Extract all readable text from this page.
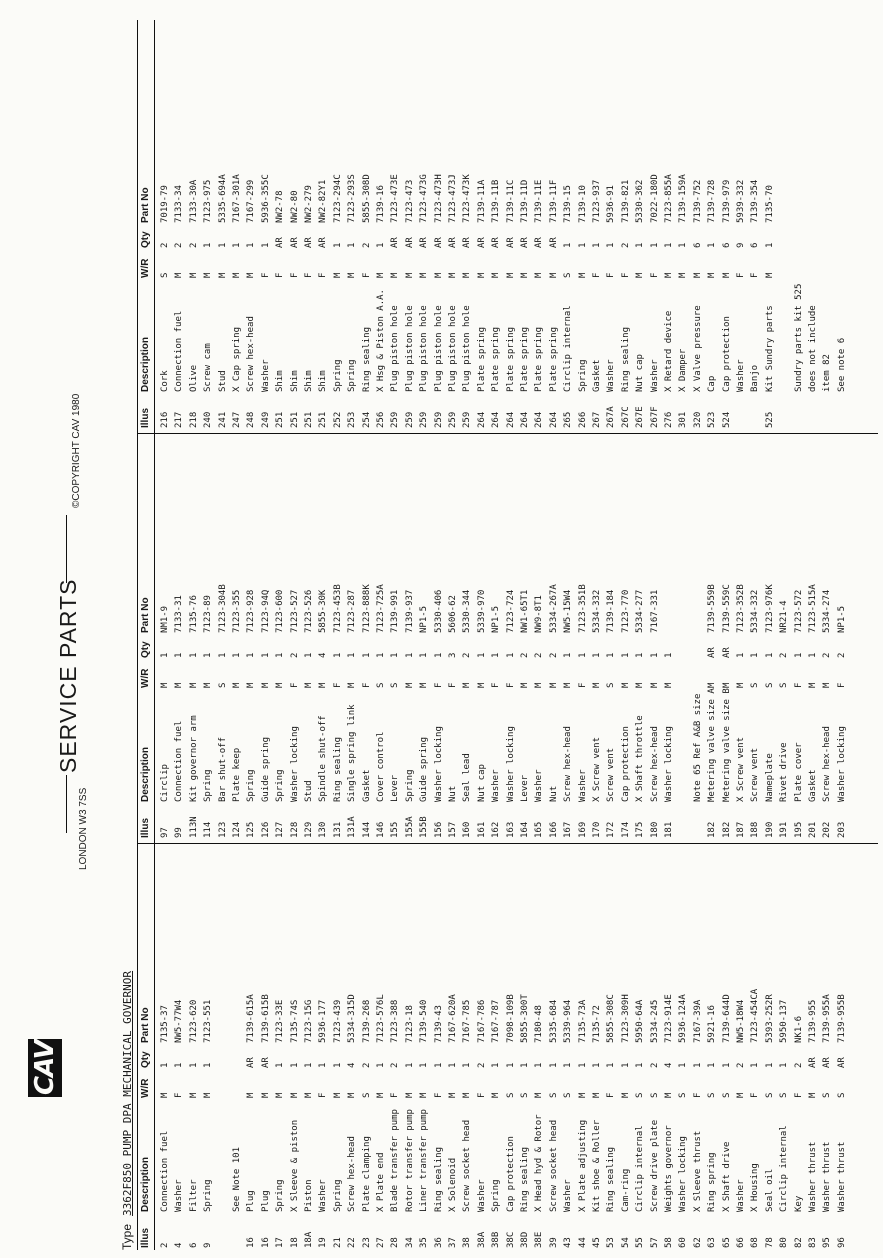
CAV
LONDON W3 7SS
SERVICE PARTS
©COPYRIGHT CAV 1980
Type3362F850 PUMP DPA MECHANICAL GOVERNOR
Illus
Description
W/R
Qty
Part No
2
Connection fuel
M
1
7135-37
4
Washer
F
1
NW5-77W4
6
Filter
M
1
7123-620
9
Spring
M
1
7123-551
See Note 101
16
Plug
M
AR
7139-615A
16
Plug
M
AR
7139-615B
17
Spring
M
1
7123-33E
18
X Sleeve & piston
M
1
7135-74S
18A
Piston
M
1
7123-15G
19
Washer
F
1
5936-177
21
Spring
M
1
7123-439
22
Screw hex-head
M
4
5334-315D
23
Plate clamping
S
2
7139-268
27
X Plate end
M
1
7123-576L
28
Blade transfer pump
F
2
7123-388
34
Rotor transfer pump
M
1
7123-18
35
Liner transfer pump
M
1
7139-540
36
Ring sealing
F
1
7139-43
37
X Solenoid
M
1
7167-620A
38
Screw socket head
M
1
7167-785
38A
Washer
F
2
7167-786
38B
Spring
M
1
7167-787
38C
Cap protection
S
1
7098-109B
38D
Ring sealing
S
1
5855-300T
38E
X Head hyd & Rotor
M
1
7180-48
39
Screw socket head
S
1
5335-684
43
Washer
S
1
5339-964
44
X Plate adjusting
M
1
7135-73A
45
Kit shoe & Roller
M
1
7135-72
53
Ring sealing
F
1
5855-308C
54
Cam-ring
M
1
7123-309H
55
Circlip internal
S
1
5950-64A
57
Screw drive plate
S
2
5334-245
58
Weights governor
M
4
7123-914E
60
Washer locking
S
1
5936-124A
62
X Sleeve thrust
F
1
7167-39A
63
Ring spring
S
1
5921-16
65
X Shaft drive
S
1
7139-644D
66
Washer
M
2
NW5-18W4
68
X Housing
F
1
7123-454CA
78
Seal oil
S
1
5393-252R
80
Circlip internal
S
1
5950-137
82
Key
F
2
NK1-6
83
Washer thrust
M
AR
7139-955
95
Washer thrust
S
AR
7139-955A
96
Washer thrust
S
AR
7139-955B
Illus
Description
W/R
Qty
Part No
97
Circlip
M
1
NM1-9
99
Connection fuel
M
1
7133-31
113N
Kit governor arm
M
1
7135-76
114
Spring
M
1
7123-89
123
Bar shut-off
S
1
7123-304B
124
Plate keep
M
1
7123-355
125
Spring
M
1
7123-928
126
Guide spring
M
1
7123-94Q
127
Spring
M
1
7123-600
128
Washer locking
F
2
7123-527
129
Stud
M
1
7123-526
130
Spindle shut-off
M
4
5855-30K
131
Ring sealing
F
1
7123-453B
131A
Single spring link
M
1
7123-287
144
Gasket
F
1
7123-888K
146
Cover control
S
1
7123-725A
155
Lever
S
1
7139-991
155A
Spring
M
1
7139-937
155B
Guide spring
M
1
NP1-5
156
Washer locking
F
1
5330-406
157
Nut
F
3
5606-62
160
Seal lead
M
2
5330-344
161
Nut cap
M
1
5339-970
162
Washer
F
1
NP1-5
163
Washer locking
F
1
7123-724
164
Lever
M
2
NW1-65T1
165
Washer
M
2
NW9-8T1
166
Nut
M
2
5334-267A
167
Screw hex-head
M
1
NW5-15W4
169
Washer
F
1
7123-351B
170
X Screw vent
M
1
5334-332
172
Screw vent
S
1
7139-184
174
Cap protection
M
1
7123-770
175
X Shaft throttle
M
1
5334-277
180
Screw hex-head
M
1
7167-331
181
Washer locking
M
1
Note 65 Ref A&B size
182
Metering valve size A
M
AR
7139-559B
182
Metering valve size B
M
AR
7139-559C
187
X Screw vent
M
1
7123-352B
188
Screw vent
S
1
5334-332
190
Nameplate
S
1
7123-976K
191
Rivet drive
S
2
NR21-4
195
Plate cover
F
1
7123-572
201
Gasket
M
1
7123-515A
202
Screw hex-head
M
2
5334-274
203
Washer locking
F
2
NP1-5
Illus
Description
W/R
Qty
Part No
216
Cork
S
2
7019-79
217
Connection fuel
M
2
7133-34
218
Olive
M
2
7133-30A
240
Screw cam
M
1
7123-975
241
Stud
M
1
5335-694A
247
X Cap spring
M
1
7167-301A
248
Screw hex-head
M
1
7167-299
249
Washer
F
1
5936-355C
251
Shim
F
AR
NW2-78
251
Shim
F
AR
NW2-80
251
Shim
F
AR
NW2-279
251
Shim
F
AR
NW2-82Y1
252
Spring
M
1
7123-294C
253
Spring
M
1
7123-293S
254
Ring sealing
F
2
5855-308D
256
X Hsg & Piston A.A.
M
1
7139-16
259
Plug piston hole
M
AR
7123-473E
259
Plug piston hole
M
AR
7123-473
259
Plug piston hole
M
AR
7123-473G
259
Plug piston hole
M
AR
7123-473H
259
Plug piston hole
M
AR
7123-473J
259
Plug piston hole
M
AR
7123-473K
264
Plate spring
M
AR
7139-11A
264
Plate spring
M
AR
7139-11B
264
Plate spring
M
AR
7139-11C
264
Plate spring
M
AR
7139-11D
264
Plate spring
M
AR
7139-11E
264
Plate spring
M
AR
7139-11F
265
Circlip internal
S
1
7139-15
266
Spring
M
1
7139-10
267
Gasket
F
1
7123-937
267A
Washer
F
1
5936-91
267C
Ring sealing
F
2
7139-821
267E
Nut cap
M
1
5330-362
267F
Washer
F
1
7022-180D
276
X Retard device
M
1
7123-855A
301
X Damper
M
1
7139-159A
320
X Valve pressure
M
6
7139-752
523
Cap
M
1
7139-728
524
Cap protection
M
6
7139-979
Washer
F
9
5939-332
Banjo
F
6
7139-354
525
Kit Sundry parts
M
1
7135-70
Sundry parts kit 525 does not include item 82 See note 6
